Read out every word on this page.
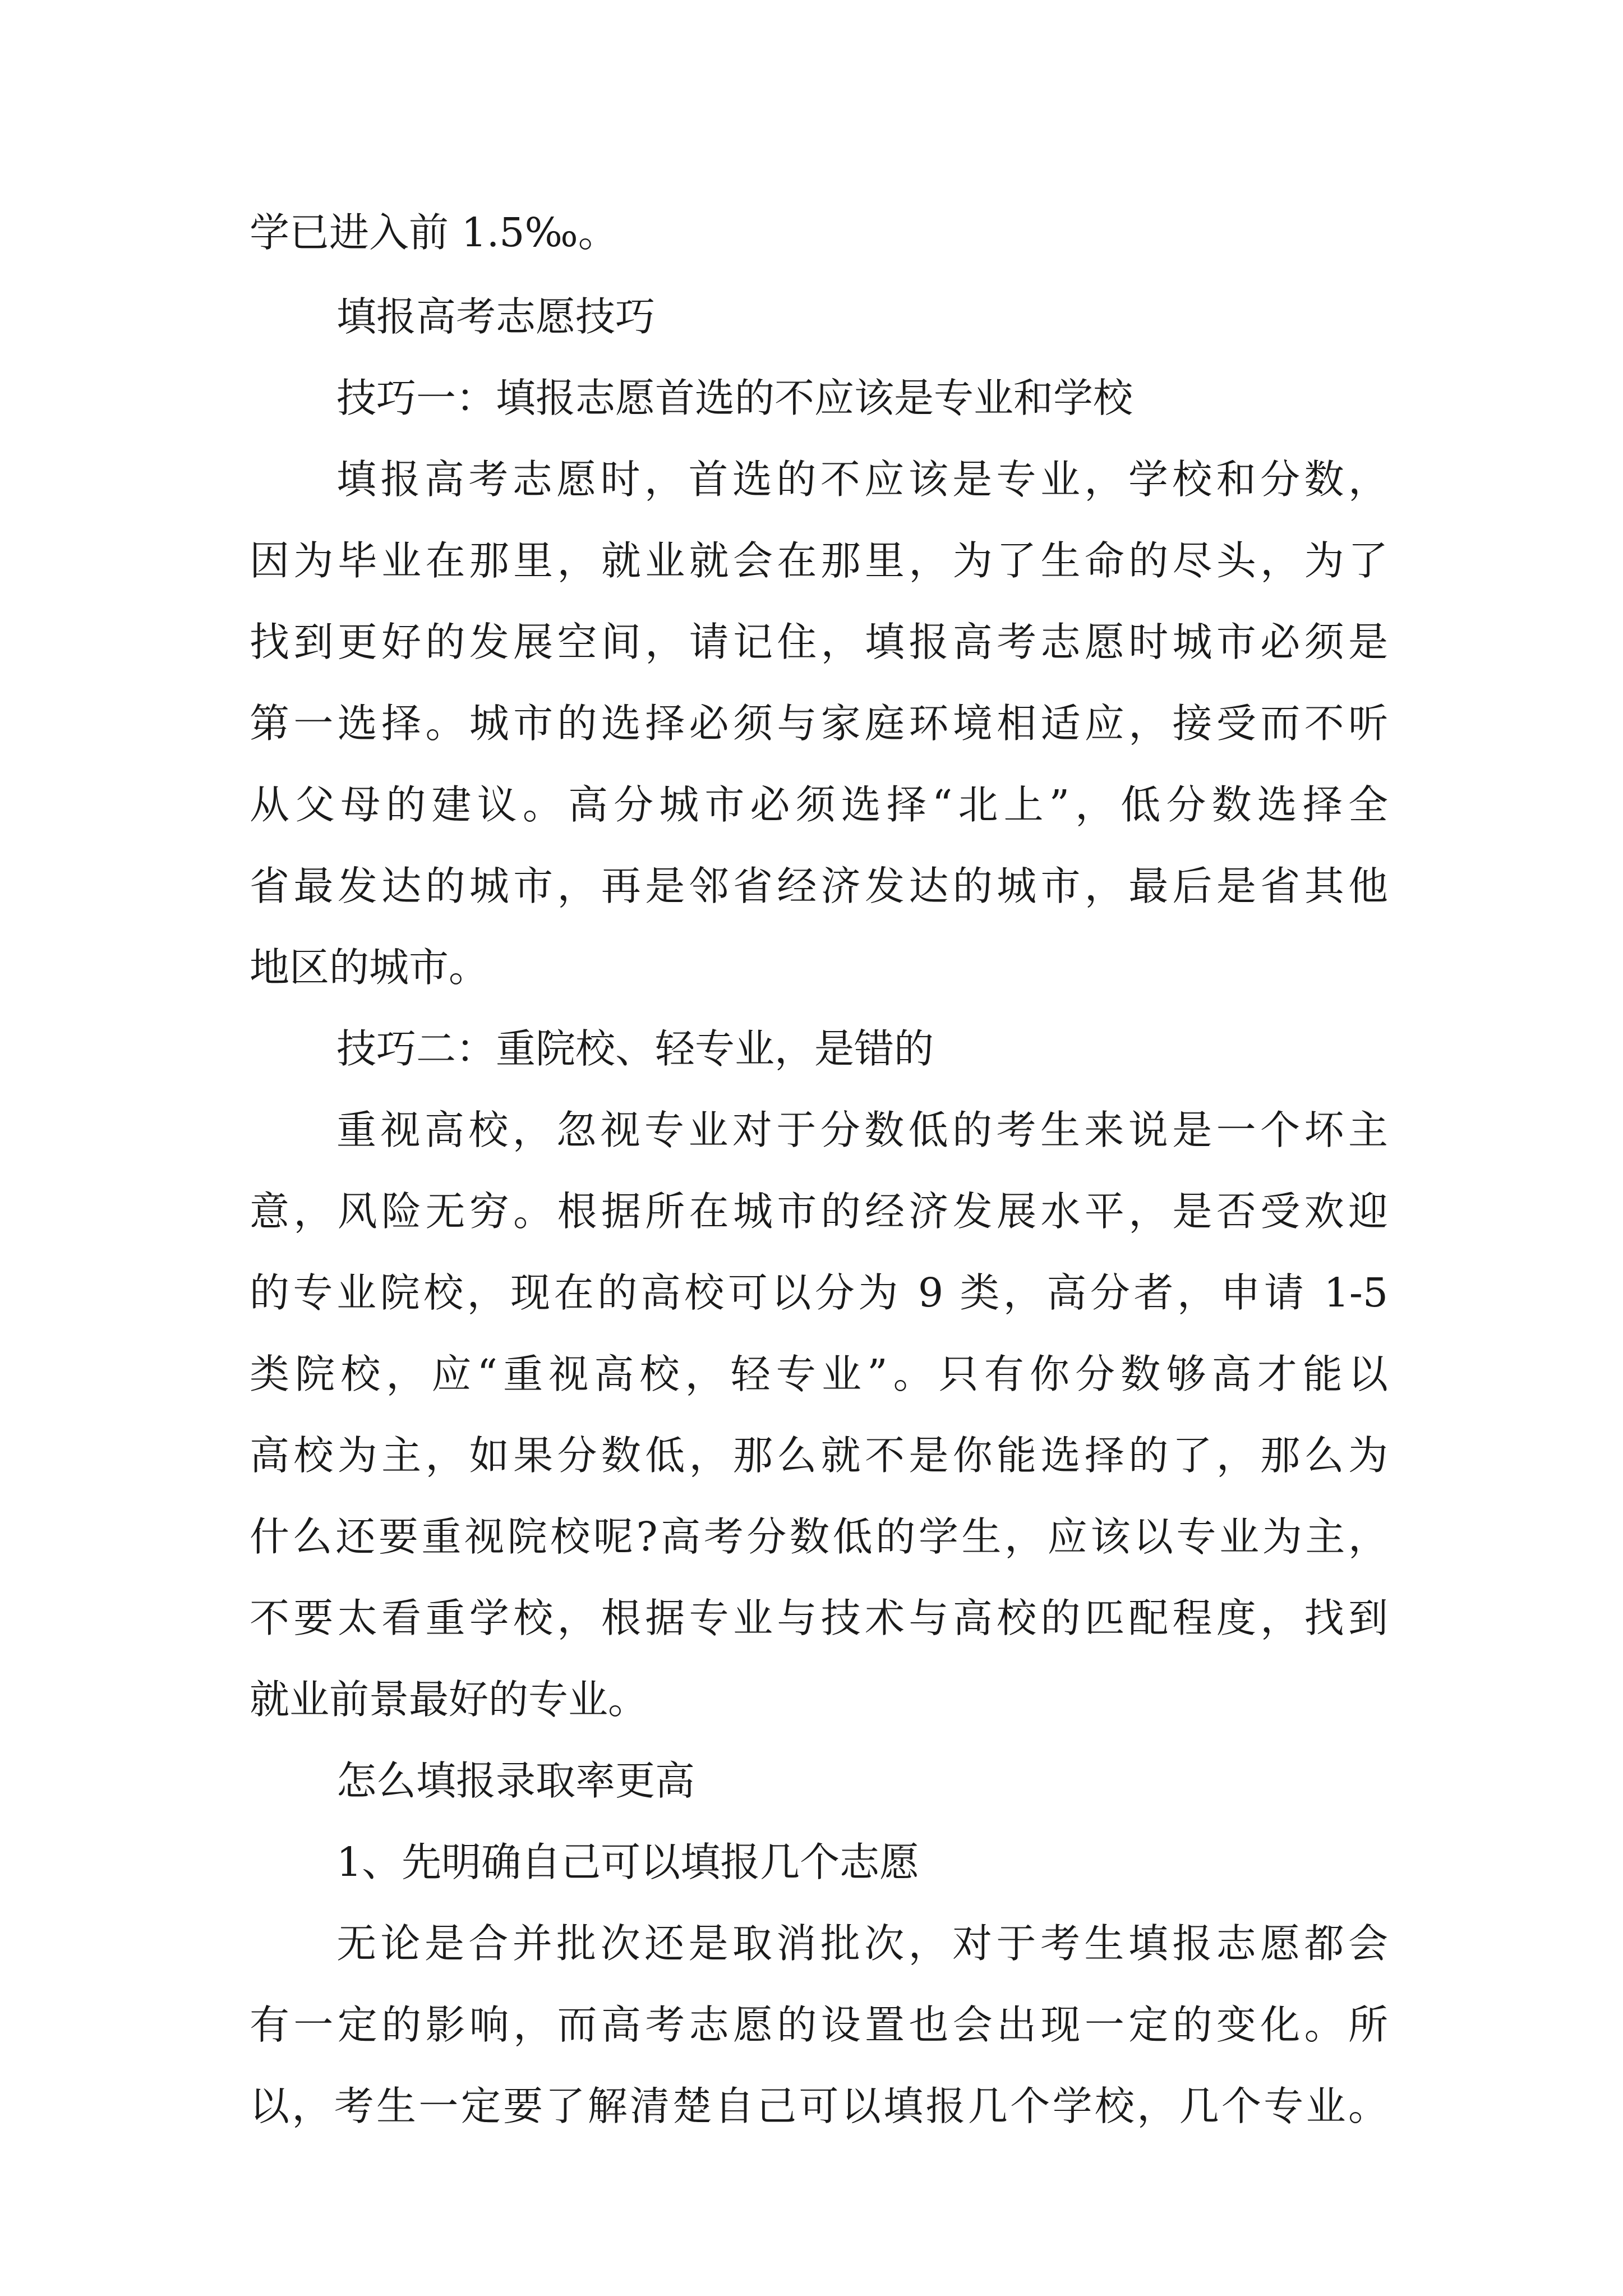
学已进入前 1.5‰。
填报高考志愿技巧
技巧一：填报志愿首选的不应该是专业和学校
填报高考志愿时，首选的不应该是专业，学校和分数，
因为毕业在那里，就业就会在那里，为了生命的尽头，为了
找到更好的发展空间，请记住，填报高考志愿时城市必须是
第一选择。城市的选择必须与家庭环境相适应，接受而不听
从父母的建议。高分城市必须选择“北上”，低分数选择全
省最发达的城市，再是邻省经济发达的城市，最后是省其他
地区的城市。
技巧二：重院校、轻专业，是错的
重视高校，忽视专业对于分数低的考生来说是一个坏主
意，风险无穷。根据所在城市的经济发展水平，是否受欢迎
的专业院校，现在的高校可以分为 9 类，高分者，申请 1-5
类院校，应“重视高校，轻专业”。只有你分数够高才能以
高校为主，如果分数低，那么就不是你能选择的了，那么为
什么还要重视院校呢?高考分数低的学生，应该以专业为主，
不要太看重学校，根据专业与技术与高校的匹配程度，找到
就业前景最好的专业。
怎么填报录取率更高
1、先明确自己可以填报几个志愿
无论是合并批次还是取消批次，对于考生填报志愿都会
有一定的影响，而高考志愿的设置也会出现一定的变化。所
以，考生一定要了解清楚自己可以填报几个学校，几个专业。
